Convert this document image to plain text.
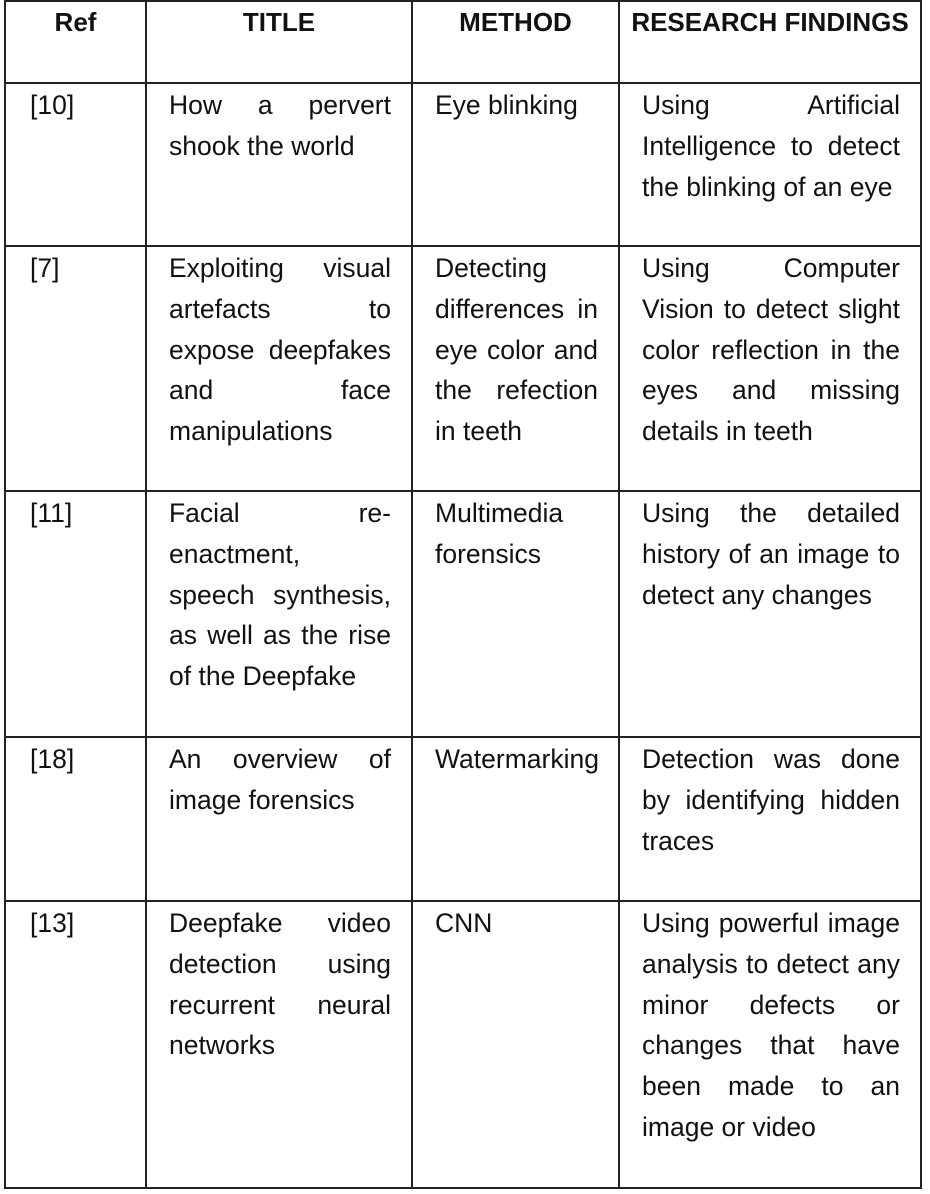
Ref	TITLE	METHOD	RESEARCH FINDINGS
[10]	How a pervert shook the world	Eye blinking	Using Artificial Intelligence to detect the blinking of an eye
[7]	Exploiting visual artefacts to expose deepfakes and face manipulations	Detecting differences in eye color and the refection in teeth	Using Computer Vision to detect slight color reflection in the eyes and missing details in teeth
[11]	Facial re-enactment, speech synthesis, as well as the rise of the Deepfake	Multimedia forensics	Using the detailed history of an image to detect any changes
[18]	An overview of image forensics	Watermarking	Detection was done by identifying hidden traces
[13]	Deepfake video detection using recurrent neural networks	CNN	Using powerful image analysis to detect any minor defects or changes that have been made to an image or video
